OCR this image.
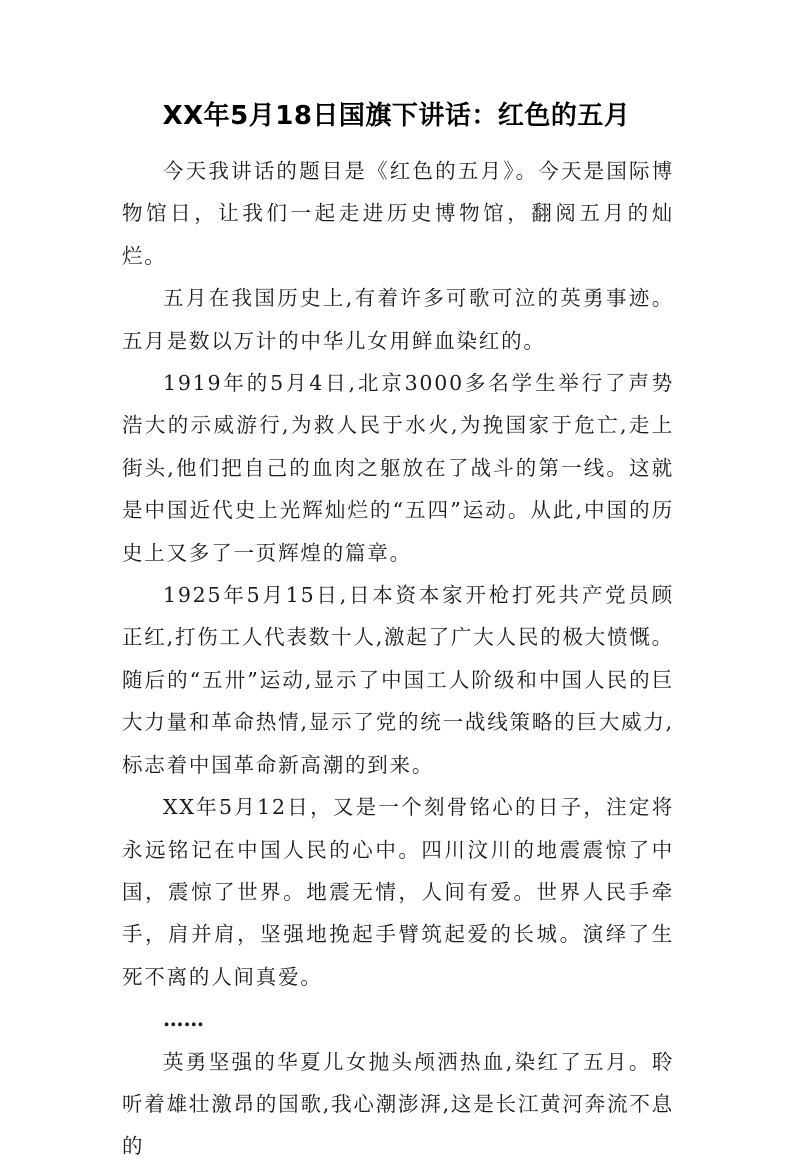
XX年5月18日国旗下讲话：红色的五月

今天我讲话的题目是《红色的五月》。今天是国际博物馆日，让我们一起走进历史博物馆，翻阅五月的灿烂。

五月在我国历史上,有着许多可歌可泣的英勇事迹。五月是数以万计的中华儿女用鲜血染红的。

1919年的5月4日,北京3000多名学生举行了声势浩大的示威游行,为救人民于水火,为挽国家于危亡,走上街头,他们把自己的血肉之躯放在了战斗的第一线。这就是中国近代史上光辉灿烂的“五四”运动。从此,中国的历史上又多了一页辉煌的篇章。

1925年5月15日,日本资本家开枪打死共产党员顾正红,打伤工人代表数十人,激起了广大人民的极大愤慨。随后的“五卅”运动,显示了中国工人阶级和中国人民的巨大力量和革命热情,显示了党的统一战线策略的巨大威力,标志着中国革命新高潮的到来。

XX年5月12日，又是一个刻骨铭心的日子，注定将永远铭记在中国人民的心中。四川汶川的地震震惊了中国，震惊了世界。地震无情，人间有爱。世界人民手牵手，肩并肩，坚强地挽起手臂筑起爱的长城。演绎了生死不离的人间真爱。

……

英勇坚强的华夏儿女抛头颅洒热血,染红了五月。聆听着雄壮激昂的国歌,我心潮澎湃,这是长江黄河奔流不息的
